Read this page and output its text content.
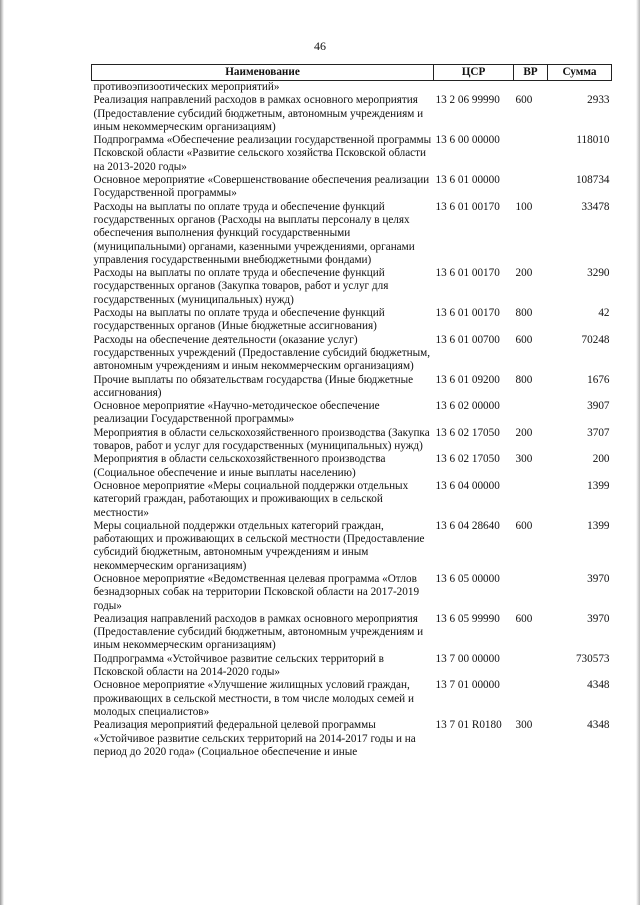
46
Наименование	ЦСР	ВР	Сумма
противоэпизоотических мероприятий»			
Реализация направлений расходов в рамках основного мероприятия (Предоставление субсидий бюджетным, автономным учреждениям и иным некоммерческим организациям)	13 2 06 99990	600	2933
Подпрограмма «Обеспечение реализации государственной программы Псковской области «Развитие сельского хозяйства Псковской области на 2013-2020 годы»	13 6 00 00000		118010
Основное мероприятие «Совершенствование обеспечения реализации Государственной программы»	13 6 01 00000		108734
Расходы на выплаты по оплате труда и обеспечение функций государственных органов (Расходы на выплаты персоналу в целях обеспечения выполнения функций государственными (муниципальными) органами, казенными учреждениями, органами управления государственными внебюджетными фондами)	13 6 01 00170	100	33478
Расходы на выплаты по оплате труда и обеспечение функций государственных органов (Закупка товаров, работ и услуг для государственных (муниципальных) нужд)	13 6 01 00170	200	3290
Расходы на выплаты по оплате труда и обеспечение функций государственных органов (Иные бюджетные ассигнования)	13 6 01 00170	800	42
Расходы на обеспечение деятельности (оказание услуг) государственных учреждений (Предоставление субсидий бюджетным, автономным учреждениям и иным некоммерческим организациям)	13 6 01 00700	600	70248
Прочие выплаты по обязательствам государства (Иные бюджетные ассигнования)	13 6 01 09200	800	1676
Основное мероприятие «Научно-методическое обеспечение реализации Государственной программы»	13 6 02 00000		3907
Мероприятия в области сельскохозяйственного производства (Закупка товаров, работ и услуг для государственных (муниципальных) нужд)	13 6 02 17050	200	3707
Мероприятия в области сельскохозяйственного производства (Социальное обеспечение и иные выплаты населению)	13 6 02 17050	300	200
Основное мероприятие «Меры социальной поддержки отдельных категорий граждан, работающих и проживающих в сельской местности»	13 6 04 00000		1399
Меры социальной поддержки отдельных категорий граждан, работающих и проживающих в сельской местности (Предоставление субсидий бюджетным, автономным учреждениям и иным некоммерческим организациям)	13 6 04 28640	600	1399
Основное мероприятие «Ведомственная целевая программа «Отлов безнадзорных собак на территории Псковской области на 2017-2019 годы»	13 6 05 00000		3970
Реализация направлений расходов в рамках основного мероприятия (Предоставление субсидий бюджетным, автономным учреждениям и иным некоммерческим организациям)	13 6 05 99990	600	3970
Подпрограмма «Устойчивое развитие сельских территорий в Псковской области на 2014-2020 годы»	13 7 00 00000		730573
Основное мероприятие «Улучшение жилищных условий граждан, проживающих в сельской местности, в том числе молодых семей и молодых специалистов»	13 7 01 00000		4348
Реализация мероприятий федеральной целевой программы «Устойчивое развитие сельских территорий на 2014-2017 годы и на период до 2020 года» (Социальное обеспечение и иные	13 7 01 R0180	300	4348
